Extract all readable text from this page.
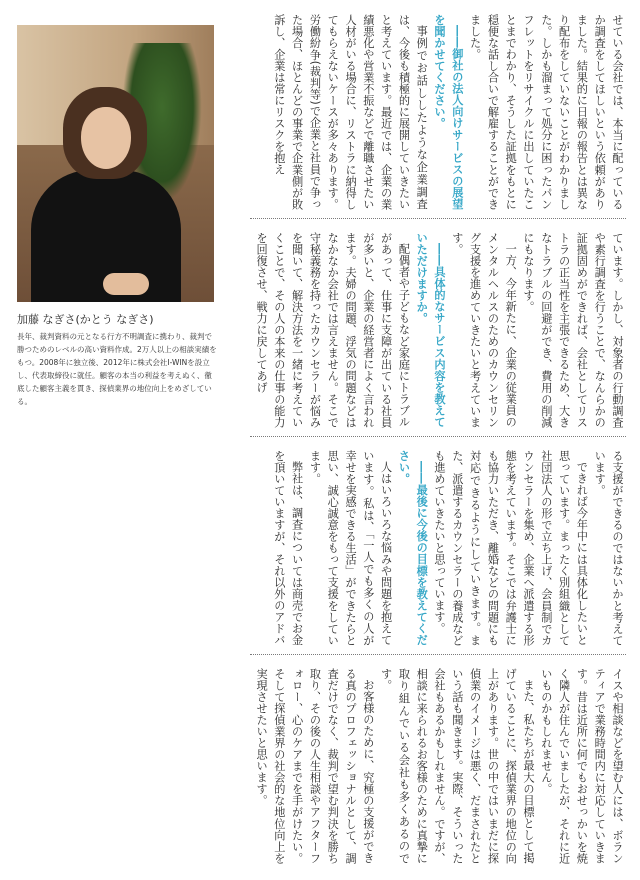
加藤 なぎさ(かとう なぎさ)
長年、裁判資料の元となる行方不明調査に携わり、裁判で勝つためのレベルの高い資料作成。2万人以上の相談実績をもつ。2008年に独立後、2012年に株式会社I-WINを設立し、代表取締役に就任。顧客の本当の利益を考えぬく、徹底した顧客主義を貫き、探偵業界の地位向上をめざしている。

せている会社では、本当に配っているか調査をしてほしいという依頼がありました。結果的に日報の報告とは異なり配布をしていないことがわかりました。しかも溜まって処分に困ったパンフレットをリサイクルに出していたことまでわかり、そうした証拠をもとに穏便な話し合いで解雇することができました。

――御社の法人向けサービスの展望を聞かせてください。

事例でお話ししたような企業調査は、今後も積極的に展開していきたいと考えています。最近では、企業の業績悪化や営業不振などで離職させたい人材がいる場合に、リストラに納得してもらえないケースが多々あります。労働紛争(裁判等)で企業と社員で争った場合、ほとんどの事業で企業側が敗訴し、企業は常にリスクを抱え

ています。しかし、対象者の行動調査や素行調査を行うことで、なんらかの証拠固めができれば、会社としてリストラの正当性を主張できるため、大きなトラブルの回避ができ、費用の削減にもなります。

一方、今年新たに、企業の従業員のメンタルヘルスのためのカウンセリング支援を進めていきたいと考えています。

――具体的なサービス内容を教えていただけますか。

配偶者や子どもなど家庭にトラブルがあって、仕事に支障が出ている社員が多いと、企業の経営者によく言われます。夫婦の問題、浮気の問題などはなかなか会社では言えません。そこで守秘義務を持ったカウンセラーが悩みを聞いて、解決方法を一緒に考えていくことで、その人の本来の仕事の能力を回復させ、戦力に戻してあげ

る支援ができるのではないかと考えています。

できれば今年中には具体化したいと思っています。まったく別組織として社団法人の形で立ち上げ、会員制でカウンセラーを集め、企業へ派遣する形態を考えています。そこでは弁護士にも協力いただき、離婚などの問題にも対応できるようにしていきます。また、派遣するカウンセラーの養成なども進めていきたいと思っています。

――最後に今後の目標を教えてください。

人はいろいろな悩みや問題を抱えています。私は、「一人でも多くの人が幸せを実感できる生活」ができたらと思い、誠心誠意をもって支援をしています。

弊社は、調査については商売でお金を頂いていますが、それ以外のアドバ

イスや相談などを望む人には、ボランティアで業務時間内に対応していきます。昔は近所に何でもおせっかいを焼く隣人が住んでいましたが、それに近いものかもしれません。

また、私たちが最大の目標として掲げていることに、探偵業界の地位の向上があります。世の中ではいまだに探偵業のイメージは悪く、だまされたという話も聞きます。実際、そういった会社もあるかもしれません。ですが、相談に来られるお客様のために真摯に取り組んでいる会社も多くあるのです。

お客様のために、究極の支援ができる真のプロフェッショナルとして、調査だけでなく、裁判で望む判決を勝ち取り、その後の人生相談やアフターフォロー、心のケアまでを手がけたい。そして探偵業界の社会的な地位向上を実現させたいと思います。
